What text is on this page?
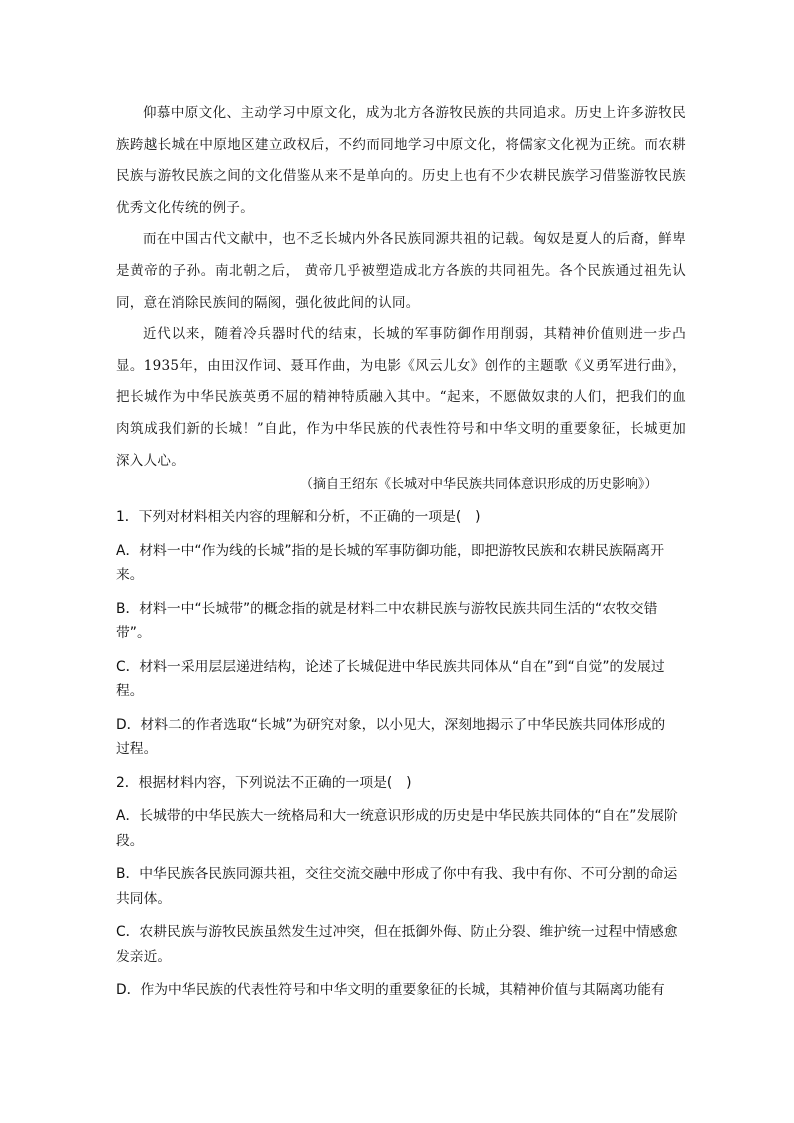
仰慕中原文化、主动学习中原文化，成为北方各游牧民族的共同追求。历史上许多游牧民族跨越长城在中原地区建立政权后，不约而同地学习中原文化，将儒家文化视为正统。而农耕民族与游牧民族之间的文化借鉴从来不是单向的。历史上也有不少农耕民族学习借鉴游牧民族优秀文化传统的例子。

而在中国古代文献中，也不乏长城内外各民族同源共祖的记载。匈奴是夏人的后裔，鲜卑是黄帝的子孙。南北朝之后， 黄帝几乎被塑造成北方各族的共同祖先。各个民族通过祖先认同，意在消除民族间的隔阂，强化彼此间的认同。

近代以来，随着冷兵器时代的结束，长城的军事防御作用削弱，其精神价值则进一步凸显。1935年，由田汉作词、聂耳作曲，为电影《风云儿女》创作的主题歌《义勇军进行曲》，把长城作为中华民族英勇不屈的精神特质融入其中。“起来，不愿做奴隶的人们，把我们的血肉筑成我们新的长城！”自此，作为中华民族的代表性符号和中华文明的重要象征，长城更加深入人心。

（摘自王绍东《长城对中华民族共同体意识形成的历史影响》）

1．下列对材料相关内容的理解和分析，不正确的一项是(　)

A．材料一中“作为线的长城”指的是长城的军事防御功能，即把游牧民族和农耕民族隔离开来。

B．材料一中“长城带”的概念指的就是材料二中农耕民族与游牧民族共同生活的“农牧交错带”。

C．材料一采用层层递进结构，论述了长城促进中华民族共同体从“自在”到“自觉”的发展过程。

D．材料二的作者选取“长城”为研究对象，以小见大，深刻地揭示了中华民族共同体形成的过程。

2．根据材料内容，下列说法不正确的一项是(　)

A．长城带的中华民族大一统格局和大一统意识形成的历史是中华民族共同体的“自在”发展阶段。

B．中华民族各民族同源共祖，交往交流交融中形成了你中有我、我中有你、不可分割的命运共同体。

C．农耕民族与游牧民族虽然发生过冲突，但在抵御外侮、防止分裂、维护统一过程中情感愈发亲近。

D．作为中华民族的代表性符号和中华文明的重要象征的长城，其精神价值与其隔离功能有
